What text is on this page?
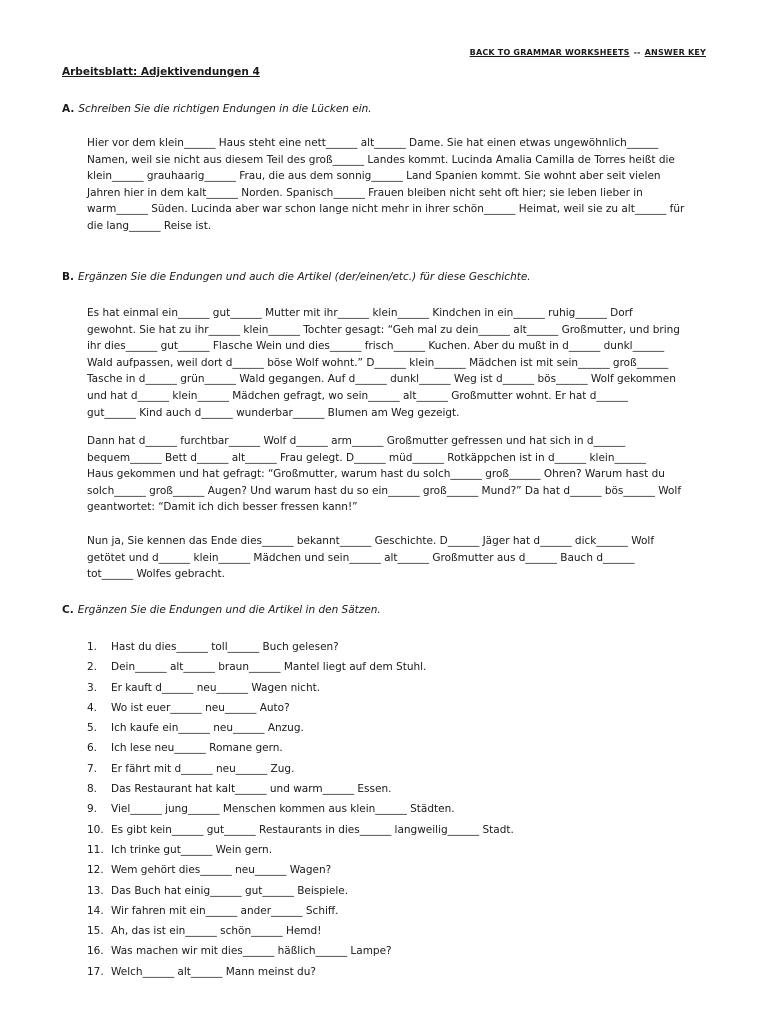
BACK TO GRAMMAR WORKSHEETS -- ANSWER KEY
Arbeitsblatt: Adjektivendungen 4
A. Schreiben Sie die richtigen Endungen in die Lücken ein.
Hier vor dem klein______ Haus steht eine nett______ alt______ Dame. Sie hat einen etwas ungewöhnlich______
Namen, weil sie nicht aus diesem Teil des groß______ Landes kommt. Lucinda Amalia Camilla de Torres heißt die
klein______ grauhaarig______ Frau, die aus dem sonnig______ Land Spanien kommt. Sie wohnt aber seit vielen
Jahren hier in dem kalt______ Norden. Spanisch______ Frauen bleiben nicht seht oft hier; sie leben lieber in
warm______ Süden. Lucinda aber war schon lange nicht mehr in ihrer schön______ Heimat, weil sie zu alt______ für
die lang______ Reise ist.
B. Ergänzen Sie die Endungen und auch die Artikel (der/einen/etc.) für diese Geschichte.
Es hat einmal ein______ gut______ Mutter mit ihr______ klein______ Kindchen in ein______ ruhig______ Dorf
gewohnt. Sie hat zu ihr______ klein______ Tochter gesagt: “Geh mal zu dein______ alt______ Großmutter, und bring
ihr dies______ gut______ Flasche Wein und dies______ frisch______ Kuchen. Aber du mußt in d______ dunkl______
Wald aufpassen, weil dort d______ böse Wolf wohnt.” D______ klein______ Mädchen ist mit sein______ groß______
Tasche in d______ grün______ Wald gegangen. Auf d______ dunkl______ Weg ist d______ bös______ Wolf gekommen
und hat d______ klein______ Mädchen gefragt, wo sein______ alt______ Großmutter wohnt. Er hat d______
gut______ Kind auch d______ wunderbar______ Blumen am Weg gezeigt.
Dann hat d______ furchtbar______ Wolf d______ arm______ Großmutter gefressen und hat sich in d______
bequem______ Bett d______ alt______ Frau gelegt. D______ müd______ Rotkäppchen ist in d______ klein______
Haus gekommen und hat gefragt: “Großmutter, warum hast du solch______ groß______ Ohren? Warum hast du
solch______ groß______ Augen? Und warum hast du so ein______ groß______ Mund?” Da hat d______ bös______ Wolf
geantwortet: “Damit ich dich besser fressen kann!”
Nun ja, Sie kennen das Ende dies______ bekannt______ Geschichte. D______ Jäger hat d______ dick______ Wolf
getötet und d______ klein______ Mädchen und sein______ alt______ Großmutter aus d______ Bauch d______
tot______ Wolfes gebracht.
C. Ergänzen Sie die Endungen und die Artikel in den Sätzen.
1. Hast du dies______ toll______ Buch gelesen?
2. Dein______ alt______ braun______ Mantel liegt auf dem Stuhl.
3. Er kauft d______ neu______ Wagen nicht.
4. Wo ist euer______ neu______ Auto?
5. Ich kaufe ein______ neu______ Anzug.
6. Ich lese neu______ Romane gern.
7. Er fährt mit d______ neu______ Zug.
8. Das Restaurant hat kalt______ und warm______ Essen.
9. Viel______ jung______ Menschen kommen aus klein______ Städten.
10. Es gibt kein______ gut______ Restaurants in dies______ langweilig______ Stadt.
11. Ich trinke gut______ Wein gern.
12. Wem gehört dies______ neu______ Wagen?
13. Das Buch hat einig______ gut______ Beispiele.
14. Wir fahren mit ein______ ander______ Schiff.
15. Ah, das ist ein______ schön______ Hemd!
16. Was machen wir mit dies______ häßlich______ Lampe?
17. Welch______ alt______ Mann meinst du?
